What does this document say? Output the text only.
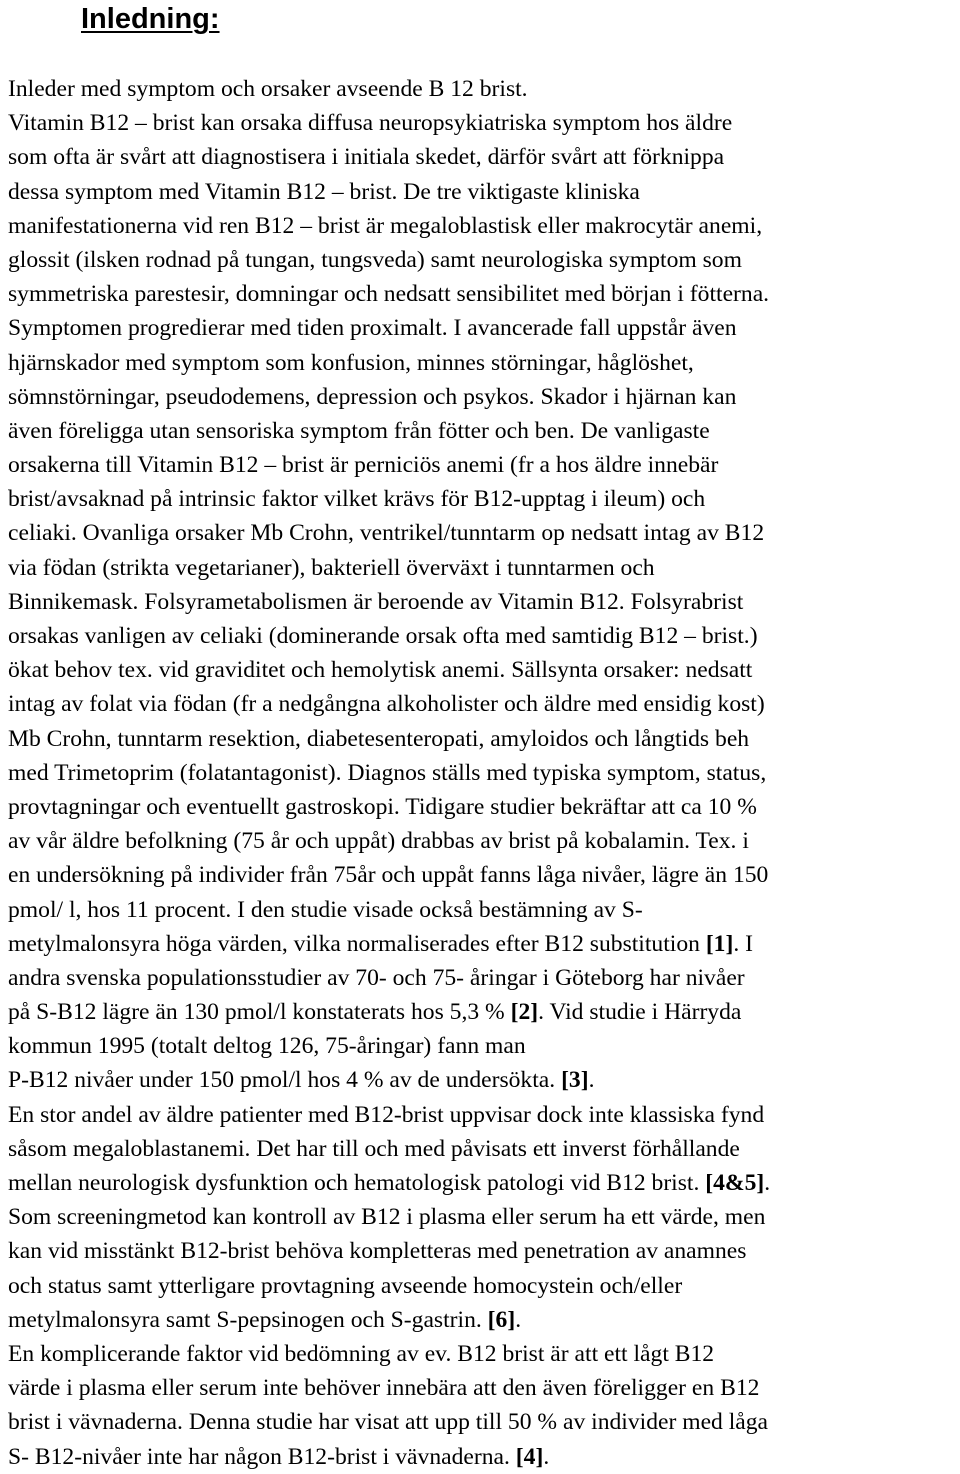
Inledning:
Inleder med symptom och orsaker avseende B 12 brist.
Vitamin B12 – brist kan orsaka diffusa neuropsykiatriska symptom hos äldre
som ofta är svårt att diagnostisera i initiala skedet, därför svårt att förknippa
dessa symptom med Vitamin B12 – brist. De tre viktigaste kliniska
manifestationerna vid ren B12 – brist är megaloblastisk eller makrocytär anemi,
glossit (ilsken rodnad på tungan, tungsveda) samt neurologiska symptom som
symmetriska parestesir, domningar och nedsatt sensibilitet med början i fötterna.
Symptomen progredierar med tiden proximalt. I avancerade fall uppstår även
hjärnskador med symptom som konfusion, minnes störningar, håglöshet,
sömnstörningar, pseudodemens, depression och psykos. Skador i hjärnan kan
även föreligga utan sensoriska symptom från fötter och ben. De vanligaste
orsakerna till Vitamin B12 – brist är perniciös anemi (fr a hos äldre innebär
brist/avsaknad på intrinsic faktor vilket krävs för B12-upptag i ileum) och
celiaki. Ovanliga orsaker Mb Crohn, ventrikel/tunntarm op nedsatt intag av B12
via födan (strikta vegetarianer), bakteriell överväxt i tunntarmen och
Binnikemask. Folsyrametabolismen är beroende av Vitamin B12. Folsyrabrist
orsakas vanligen av celiaki (dominerande orsak ofta med samtidig B12 – brist.)
ökat behov tex. vid graviditet och hemolytisk anemi. Sällsynta orsaker: nedsatt
intag av folat via födan (fr a nedgångna alkoholister och äldre med ensidig kost)
Mb Crohn, tunntarm resektion, diabetesenteropati, amyloidos och långtids beh
med Trimetoprim (folatantagonist). Diagnos ställs med typiska symptom, status,
provtagningar och eventuellt gastroskopi. Tidigare studier bekräftar att ca 10 %
av vår äldre befolkning (75 år och uppåt) drabbas av brist på kobalamin. Tex. i
en undersökning på individer från 75år och uppåt fanns låga nivåer, lägre än 150
pmol/ l, hos 11 procent. I den studie visade också bestämning av S-
metylmalonsyra höga värden, vilka normaliserades efter B12 substitution [1]. I
andra svenska populationsstudier av 70- och 75- åringar i Göteborg har nivåer
på S-B12 lägre än 130 pmol/l konstaterats hos 5,3 % [2]. Vid studie i Härryda
kommun 1995 (totalt deltog 126, 75-åringar) fann man
P-B12 nivåer under 150 pmol/l hos 4 % av de undersökta. [3].
En stor andel av äldre patienter med B12-brist uppvisar dock inte klassiska fynd
såsom megaloblastanemi. Det har till och med påvisats ett inverst förhållande
mellan neurologisk dysfunktion och hematologisk patologi vid B12 brist. [4&5].
Som screeningmetod kan kontroll av B12 i plasma eller serum ha ett värde, men
kan vid misstänkt B12-brist behöva kompletteras med penetration av anamnes
och status samt ytterligare provtagning avseende homocystein och/eller
metylmalonsyra samt S-pepsinogen och S-gastrin. [6].
En komplicerande faktor vid bedömning av ev. B12 brist är att ett lågt B12
värde i plasma eller serum inte behöver innebära att den även föreligger en B12
brist i vävnaderna. Denna studie har visat att upp till 50 % av individer med låga
S- B12-nivåer inte har någon B12-brist i vävnaderna. [4].
